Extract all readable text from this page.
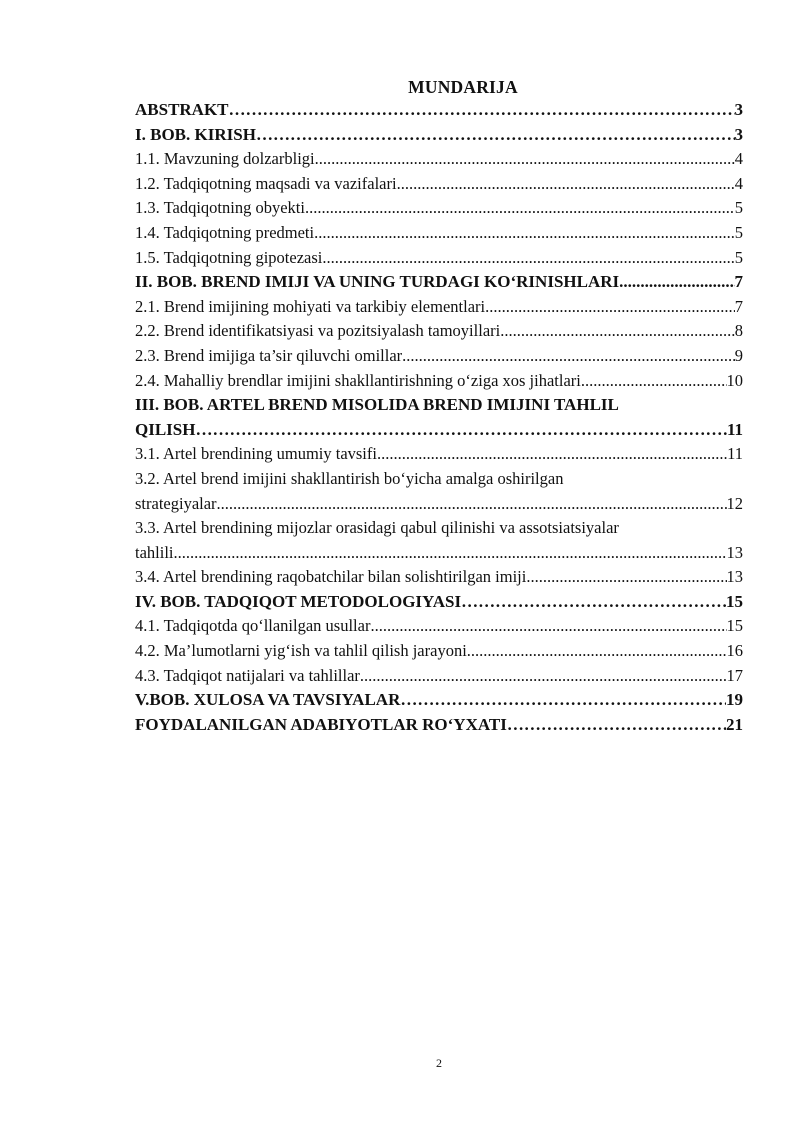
MUNDARIJA
ABSTRAKT …………………………………………………………………………………………………………………………………………………………………………………	3
I. BOB. KIRISH …………………………………………………………………………………………………………………………………………………………………………………	3
1.1. Mavzuning dolzarbligi .....	4
1.2. Tadqiqotning maqsadi va vazifalari .....	4
1.3. Tadqiqotning obyekti .....	5
1.4. Tadqiqotning predmeti .....	5
1.5. Tadqiqotning gipotezasi .....	5
II. BOB. BREND IMIJI VA UNING TURDAGI KO‘RINISHLARI .....	7
2.1. Brend imijining mohiyati va tarkibiy elementlari .....	7
2.2. Brend identifikatsiyasi va pozitsiyalash tamoyillari .....	8
2.3. Brend imijiga ta’sir qiluvchi omillar .....	9
2.4. Mahalliy brendlar imijini shakllantirishning o‘ziga xos jihatlari .....	10
III. BOB. ARTEL BREND MISOLIDA BREND IMIJINI TAHLIL
QILISH …………………………………………………………………………………………………………………………………………………………………………………	11
3.1. Artel brendining umumiy tavsifi .....	11
3.2. Artel brend imijini shakllantirish bo‘yicha amalga oshirilgan
strategiyalar .....	12
3.3. Artel brendining mijozlar orasidagi qabul qilinishi va assotsiatsiyalar
tahlili .....	13
3.4. Artel brendining raqobatchilar bilan solishtirilgan imiji .....	13
IV. BOB. TADQIQOT METODOLOGIYASI …………………………………………………………………………………………………………………………………………………………………………………	15
4.1. Tadqiqotda qo‘llanilgan usullar .....	15
4.2. Ma’lumotlarni yig‘ish va tahlil qilish jarayoni .....	16
4.3. Tadqiqot natijalari va tahlillar .....	17
V.BOB. XULOSA VA TAVSIYALAR …………………………………………………………………………………………………………………………………………………………………………………	19
FOYDALANILGAN ADABIYOTLAR RO‘YXATI …………………………………………………………………………………………………………………………………………………………………………………	21
2
